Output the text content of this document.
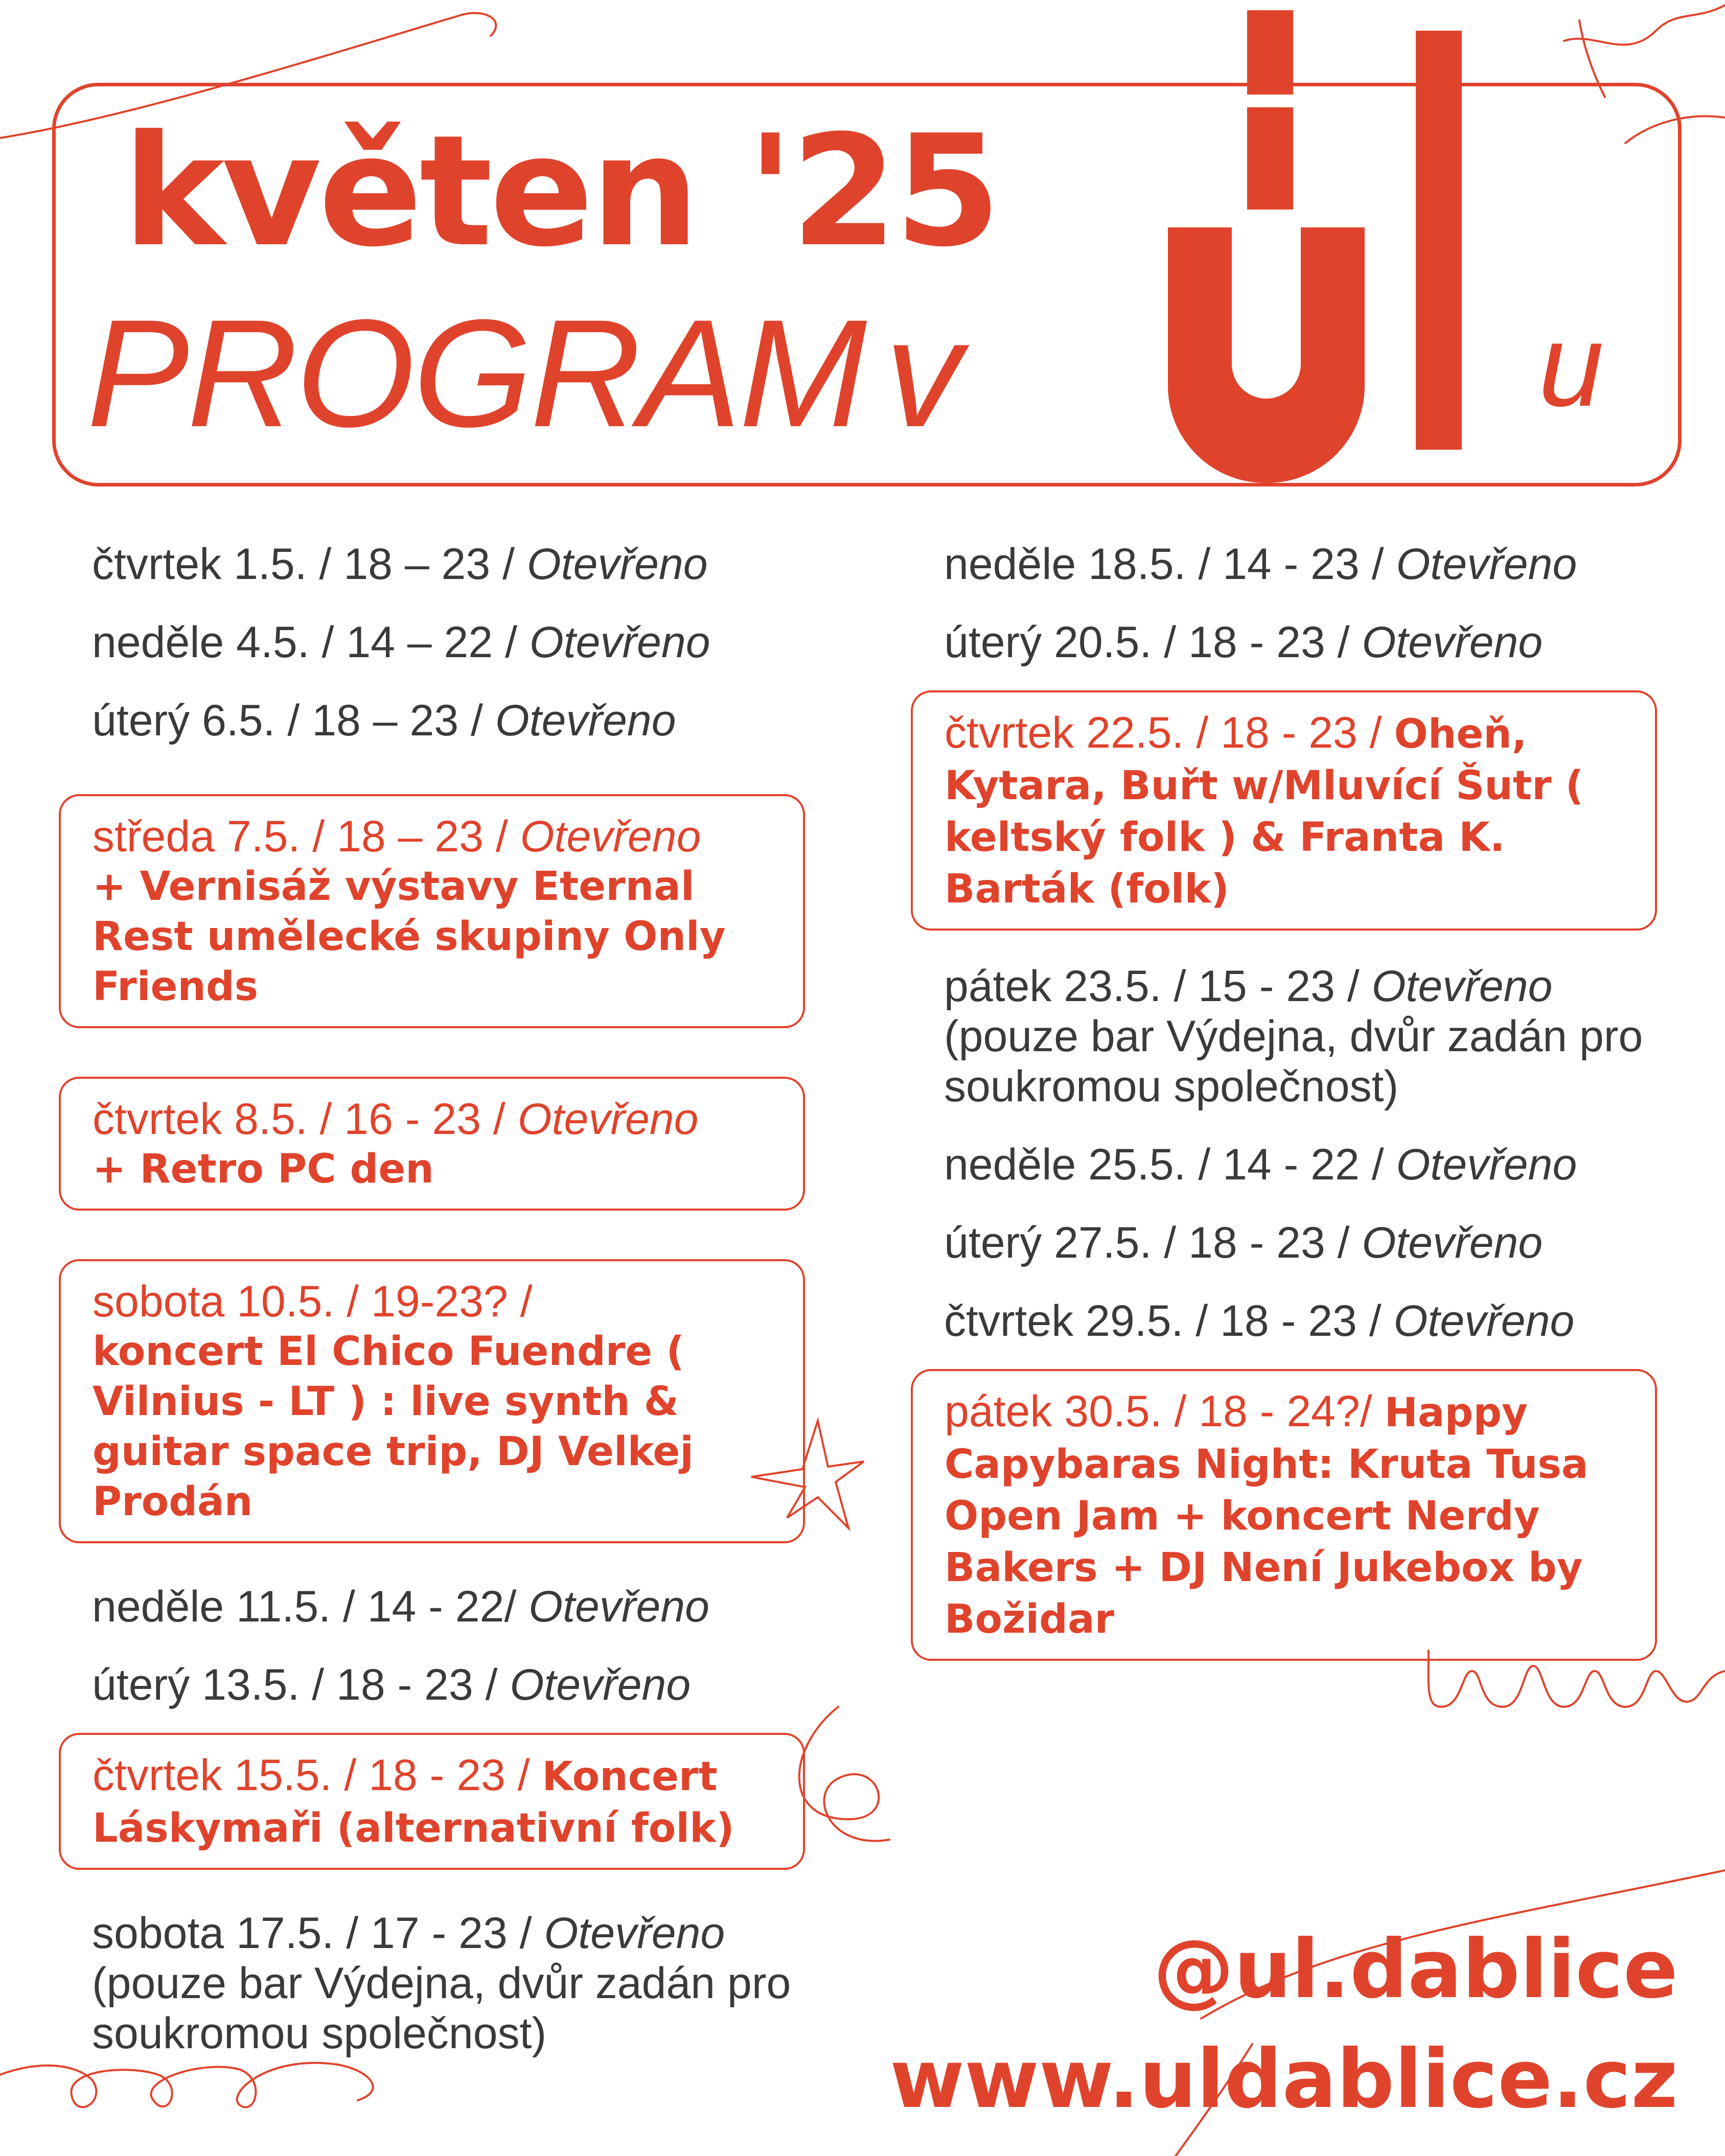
květen '25
PROGRAM v	u

čtvrtek 1.5. / 18 – 23 / Otevřeno

neděle 4.5. / 14 – 22 / Otevřeno

úterý 6.5. / 18 – 23 / Otevřeno

středa 7.5. / 18 – 23 / Otevřeno
+ Vernisáž výstavy Eternal Rest umělecké skupiny Only Friends
čtvrtek 8.5. / 16 - 23 / Otevřeno
+ Retro PC den
sobota 10.5. / 19-23? /
koncert El Chico Fuendre ( Vilnius - LT ) : live synth & guitar space trip, DJ Velkej Prodán

neděle 11.5. / 14 - 22/ Otevřeno

úterý 13.5. / 18 - 23 / Otevřeno

čtvrtek 15.5. / 18 - 23 / Koncert Láskymaři (alternativní folk)

sobota 17.5. / 17 - 23 / Otevřeno
(pouze bar Výdejna, dvůr zadán pro soukromou společnost)

neděle 18.5. / 14 - 23 / Otevřeno

úterý 20.5. / 18 - 23 / Otevřeno

čtvrtek 22.5. / 18 - 23 / Oheň, Kytara, Buřt w/Mluvící Šutr ( keltský folk ) & Franta K. Barták (folk)

pátek 23.5. / 15 - 23 / Otevřeno
(pouze bar Výdejna, dvůr zadán pro soukromou společnost)

neděle 25.5. / 14 - 22 / Otevřeno

úterý 27.5. / 18 - 23 / Otevřeno

čtvrtek 29.5. / 18 - 23 / Otevřeno

pátek 30.5. / 18 - 24?/ Happy Capybaras Night: Kruta Tusa Open Jam + koncert Nerdy Bakers + DJ Není Jukebox by Božidar

@ul.dablice

www.uldablice.cz
